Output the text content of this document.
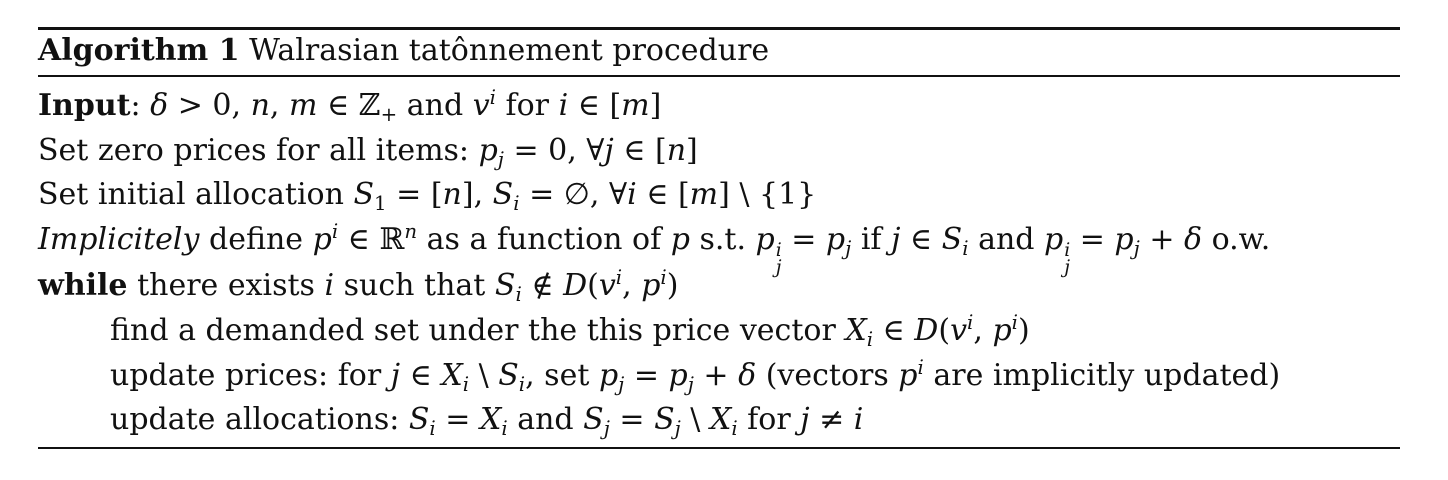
Algorithm 1 Walrasian tatônnement procedure
Input: δ > 0, n, m ∈ ℤ$_+$ and $v^i$ for i ∈ [m]
Set zero prices for all items: $p_j = 0$, ∀j ∈ [n]
Set initial allocation $S_1 = [n]$, $S_i$ = ∅, ∀i ∈ [m] \ {1}
Implicitely define $p^i$ ∈ ℝ$^n$ as a function of p s.t. p i
j
= $p_j$ if j ∈ $S_i$ and p i
j
= $p_j + \delta$ o.w.
while there exists i such that $S_i$ ∉ $D(v^i$, $p^i$)
find a demanded set under the this price vector $X_i$ ∈ $D(v^i$, $p^i$)
update prices: for j ∈ $X_i$ \ $S_i$, set $p_j = p_j + \delta$ (vectors $p^i$ are implicitly updated)
update allocations: $S_i = X_i$ and $S_j = S_j$ \ $X_i$ for j ≠ i
